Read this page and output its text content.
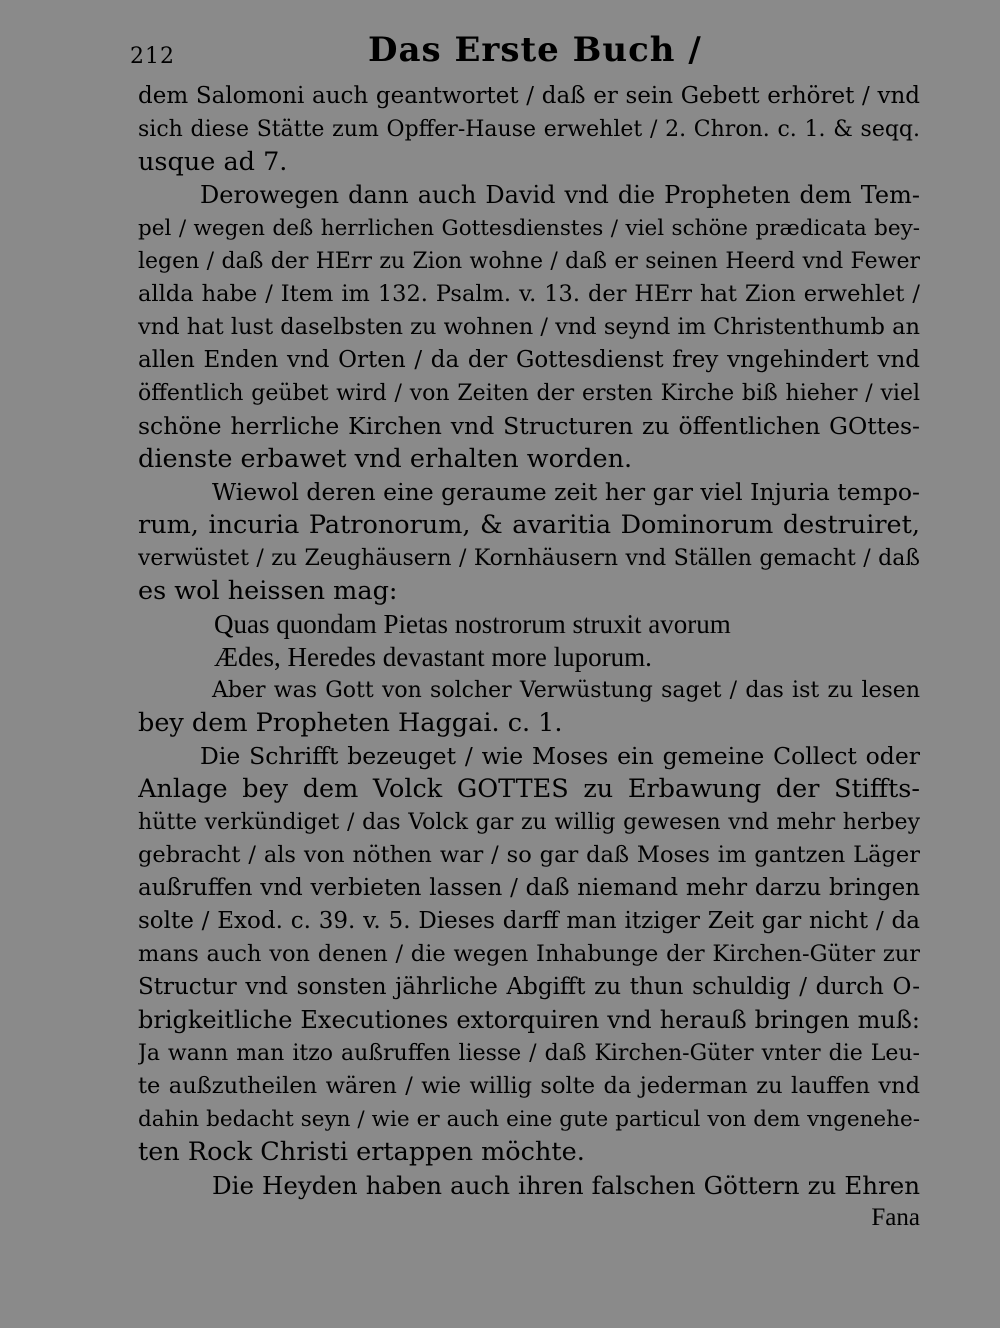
212	Das Erste Buch /
dem Salomoni auch geantwortet / daß er sein Gebett erhöret / vnd
sich diese Stätte zum Opffer-Hause erwehlet / 2. Chron. c. 1. & seqq.
usque ad 7.
Derowegen dann auch David vnd die Propheten dem Tem-
pel / wegen deß herrlichen Gottesdienstes / viel schöne prædicata bey-
legen / daß der HErr zu Zion wohne / daß er seinen Heerd vnd Fewer
allda habe / Item im 132. Psalm. v. 13. der HErr hat Zion erwehlet /
vnd hat lust daselbsten zu wohnen / vnd seynd im Christenthumb an
allen Enden vnd Orten / da der Gottesdienst frey vngehindert vnd
öffentlich geübet wird / von Zeiten der ersten Kirche biß hieher / viel
schöne herrliche Kirchen vnd Structuren zu öffentlichen GOttes-
dienste erbawet vnd erhalten worden.
Wiewol deren eine geraume zeit her gar viel Injuria tempo-
rum, incuria Patronorum, & avaritia Dominorum destruiret,
verwüstet / zu Zeughäusern / Kornhäusern vnd Ställen gemacht / daß
es wol heissen mag:
Quas quondam Pietas nostrorum struxit avorum
Ædes, Heredes devastant more luporum.
Aber was Gott von solcher Verwüstung saget / das ist zu lesen
bey dem Propheten Haggai. c. 1.
Die Schrifft bezeuget / wie Moses ein gemeine Collect oder
Anlage bey dem Volck GOTTES zu Erbawung der Stiffts-
hütte verkündiget / das Volck gar zu willig gewesen vnd mehr herbey
gebracht / als von nöthen war / so gar daß Moses im gantzen Läger
außruffen vnd verbieten lassen / daß niemand mehr darzu bringen
solte / Exod. c. 39. v. 5. Dieses darff man itziger Zeit gar nicht / da
mans auch von denen / die wegen Inhabunge der Kirchen-Güter zur
Structur vnd sonsten jährliche Abgifft zu thun schuldig / durch O-
brigkeitliche Executiones extorquiren vnd herauß bringen muß:
Ja wann man itzo außruffen liesse / daß Kirchen-Güter vnter die Leu-
te außzutheilen wären / wie willig solte da jederman zu lauffen vnd
dahin bedacht seyn / wie er auch eine gute particul von dem vngenehe-
ten Rock Christi ertappen möchte.
Die Heyden haben auch ihren falschen Göttern zu Ehren
Fana
